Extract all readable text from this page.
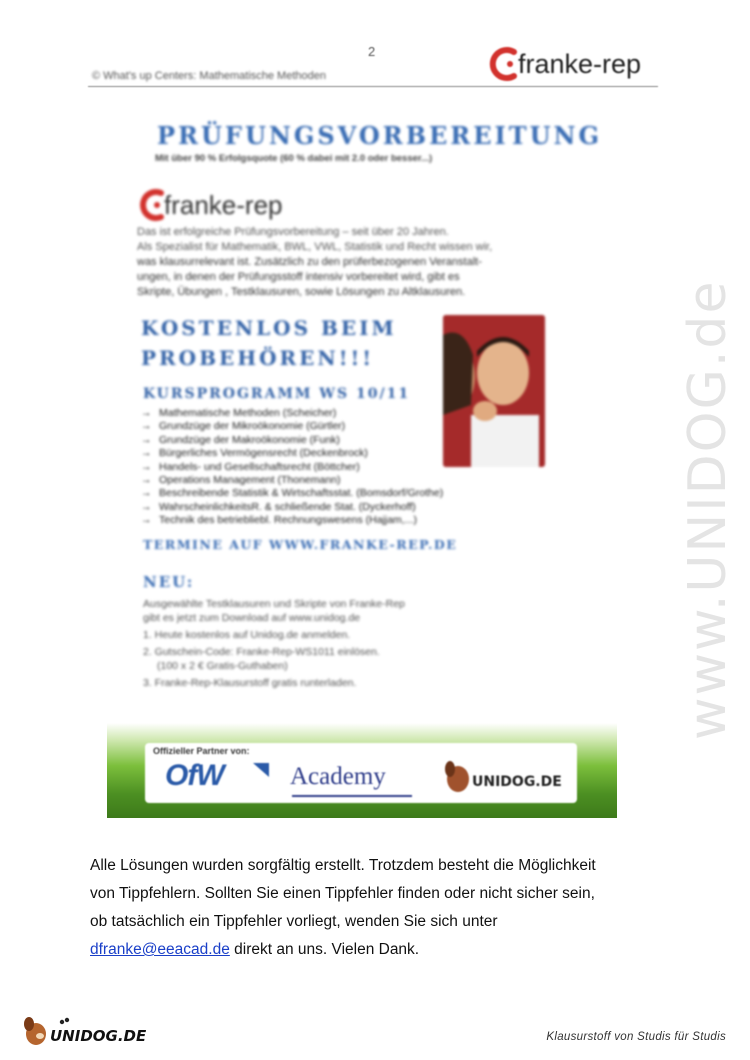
2
© What's up Centers: Mathematische Methoden	franke-rep
www.UNIDOG.de
PRÜFUNGSVORBEREITUNG
Mit über 90 % Erfolgsquote (60 % dabei mit 2.0 oder besser...)
franke-rep

Das ist erfolgreiche Prüfungsvorbereitung – seit über 20 Jahren.

Als Spezialist für Mathematik, BWL, VWL, Statistik und Recht wissen wir,

was klausurrelevant ist. Zusätzlich zu den prüferbezogenen Veranstalt-

ungen, in denen der Prüfungsstoff intensiv vorbereitet wird, gibt es

Skripte, Übungen , Testklausuren, sowie Lösungen zu Altklausuren.

KOSTENLOS BEIM
PROBEHÖREN!!!
KURSPROGRAMM WS 10/11
→ Mathematische Methoden (Scheicher)
→ Grundzüge der Mikroökonomie (Gürtler)
→ Grundzüge der Makroökonomie (Funk)
→ Bürgerliches Vermögensrecht (Deckenbrock)
→ Handels- und Gesellschaftsrecht (Böttcher)
→ Operations Management (Thonemann)
→ Beschreibende Statistik & Wirtschaftsstat. (Bomsdorf/Grothe)
→ WahrscheinlichkeitsR. & schließende Stat. (Dyckerhoff)
→ Technik des betriebliebl. Rechnungswesens (Hajjam,...)
TERMINE AUF WWW.FRANKE-REP.DE
NEU:

Ausgewählte Testklausuren und Skripte von Franke-Rep

gibt es jetzt zum Download auf www.unidog.de

1. Heute kostenlos auf Unidog.de anmelden.

2. Gutschein-Code: Franke-Rep-WS1011 einlösen.

(100 x 2 € Gratis-Guthaben)

3. Franke-Rep-Klausurstoff gratis runterladen.

Offizieller Partner von:
OfW	Academy	UNIDOG.DE

Alle Lösungen wurden sorgfältig erstellt. Trotzdem besteht die Möglichkeit

von Tippfehlern. Sollten Sie einen Tippfehler finden oder nicht sicher sein,

ob tatsächlich ein Tippfehler vorliegt, wenden Sie sich unter

dfranke@eeacad.de direkt an uns. Vielen Dank.

UNIDOG.DE	Klausurstoff von Studis für Studis
